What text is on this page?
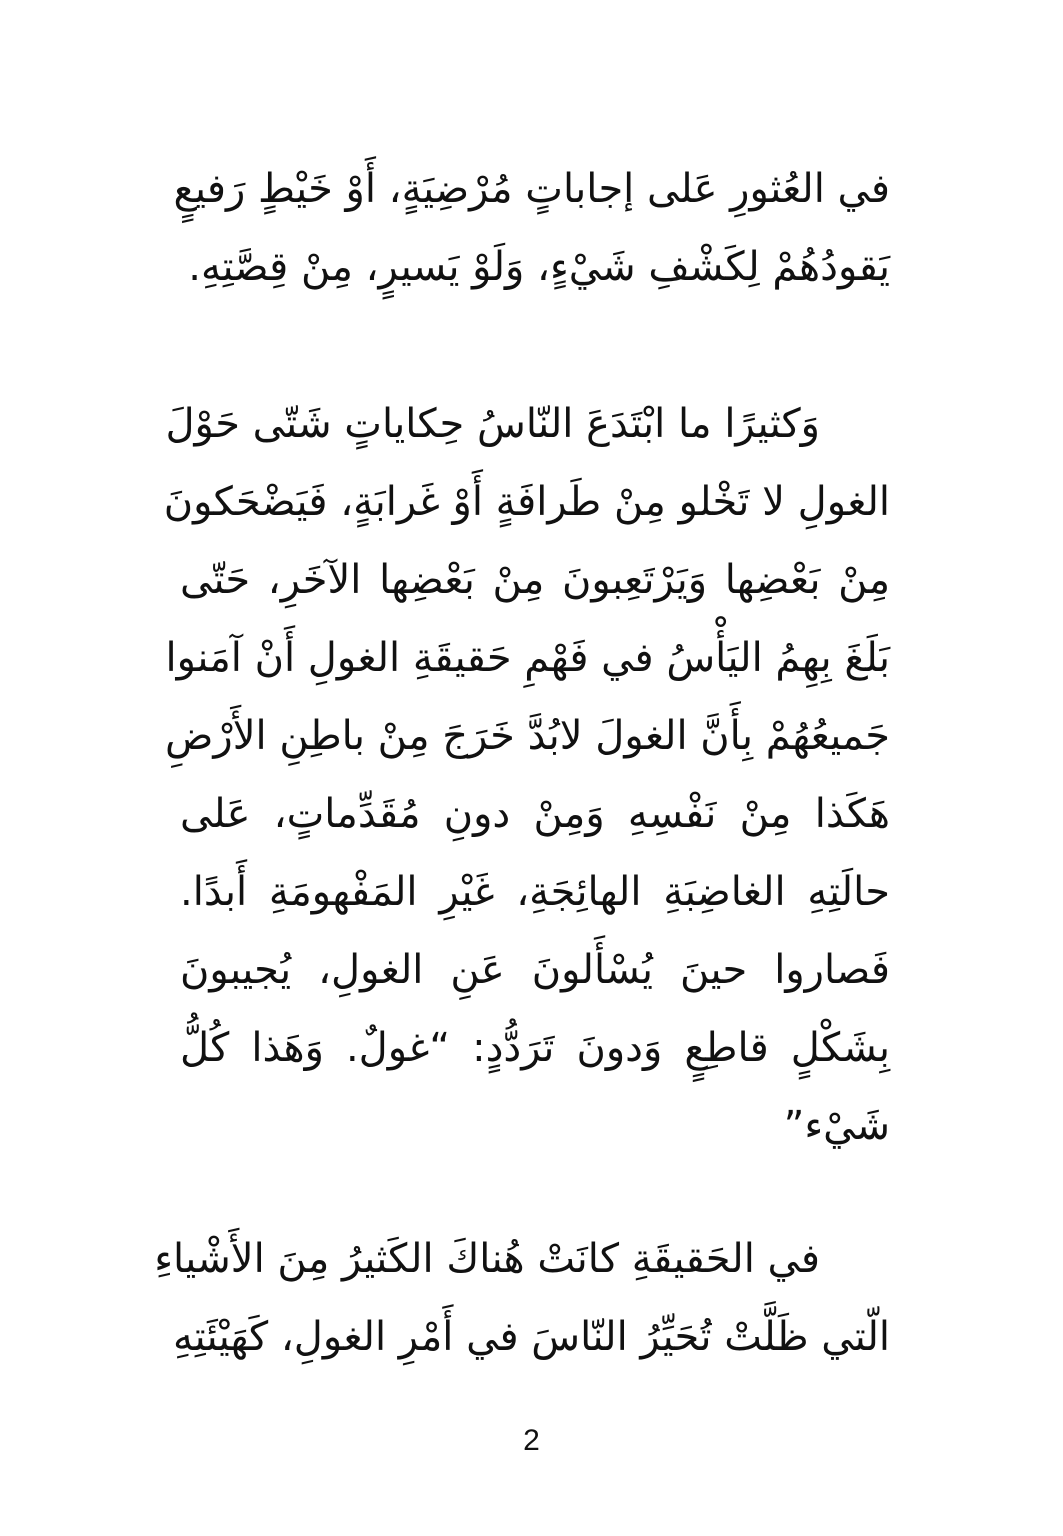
في العُثورِ عَلى إجاباتٍ مُرْضِيَةٍ، أَوْ خَيْطٍ رَفيعٍ
يَقودُهُمْ لِكَشْفِ شَيْءٍ، وَلَوْ يَسيرٍ، مِنْ قِصَّتِهِ.
وَكثيرًا ما ابْتَدَعَ النّاسُ حِكاياتٍ شَتّى حَوْلَ
الغولِ لا تَخْلو مِنْ طَرافَةٍ أَوْ غَرابَةٍ، فَيَضْحَكونَ
مِنْ بَعْضِها وَيَرْتَعِبونَ مِنْ بَعْضِها الآخَرِ، حَتّى
بَلَغَ بِهِمُ اليَأْسُ في فَهْمِ حَقيقَةِ الغولِ أَنْ آمَنوا
جَميعُهُمْ بِأَنَّ الغولَ لابُدَّ خَرَجَ مِنْ باطِنِ الأَرْضِ
هَكَذا مِنْ نَفْسِهِ وَمِنْ دونِ مُقَدِّماتٍ، عَلى
حالَتِهِ الغاضِبَةِ الهائِجَةِ، غَيْرِ المَفْهومَةِ أَبدًا.
فَصاروا حينَ يُسْأَلونَ عَنِ الغولِ، يُجيبونَ
بِشَكْلٍ قاطِعٍ وَدونَ تَرَدُّدٍ: “غولٌ. وَهَذا كُلُّ
شَيْء”
في الحَقيقَةِ كانَتْ هُناكَ الكَثيرُ مِنَ الأَشْياءِ
الّتي ظَلَّتْ تُحَيِّرُ النّاسَ في أَمْرِ الغولِ، كَهَيْئَتِهِ
2
